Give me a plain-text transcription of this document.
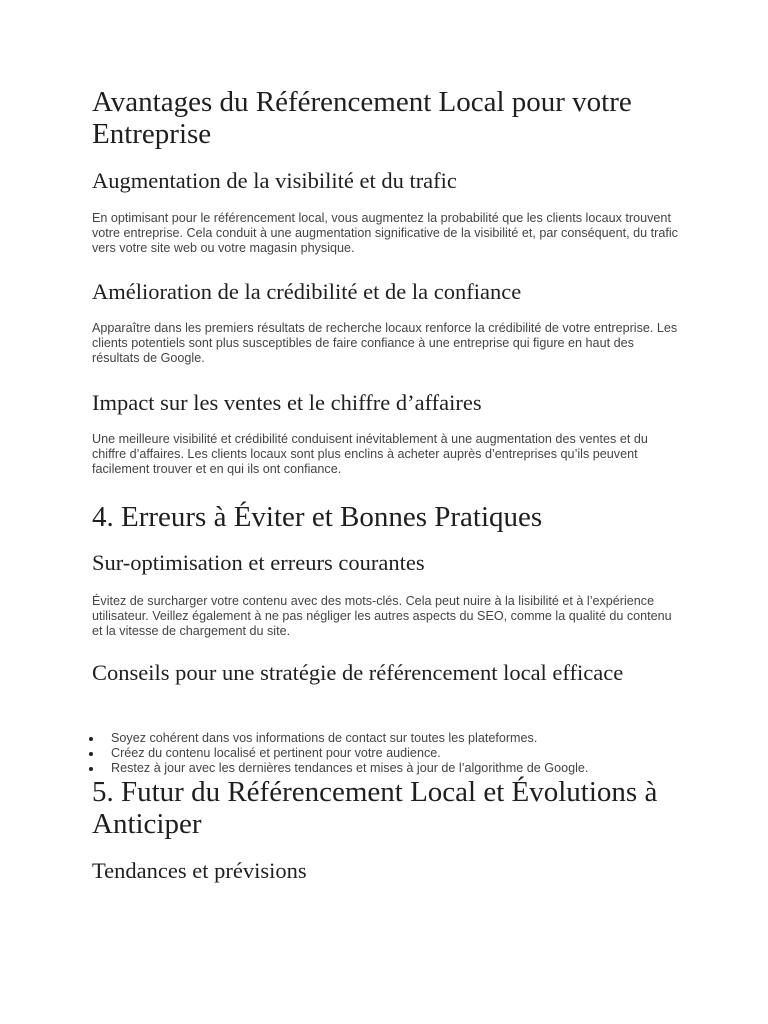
Avantages du Référencement Local pour votre Entreprise
Augmentation de la visibilité et du trafic
En optimisant pour le référencement local, vous augmentez la probabilité que les clients locaux trouvent votre entreprise. Cela conduit à une augmentation significative de la visibilité et, par conséquent, du trafic vers votre site web ou votre magasin physique.
Amélioration de la crédibilité et de la confiance
Apparaître dans les premiers résultats de recherche locaux renforce la crédibilité de votre entreprise. Les clients potentiels sont plus susceptibles de faire confiance à une entreprise qui figure en haut des résultats de Google.
Impact sur les ventes et le chiffre d’affaires
Une meilleure visibilité et crédibilité conduisent inévitablement à une augmentation des ventes et du chiffre d’affaires. Les clients locaux sont plus enclins à acheter auprès d’entreprises qu’ils peuvent facilement trouver et en qui ils ont confiance.
4. Erreurs à Éviter et Bonnes Pratiques
Sur-optimisation et erreurs courantes
Évitez de surcharger votre contenu avec des mots-clés. Cela peut nuire à la lisibilité et à l’expérience utilisateur. Veillez également à ne pas négliger les autres aspects du SEO, comme la qualité du contenu et la vitesse de chargement du site.
Conseils pour une stratégie de référencement local efficace
Soyez cohérent dans vos informations de contact sur toutes les plateformes.
Créez du contenu localisé et pertinent pour votre audience.
Restez à jour avec les dernières tendances et mises à jour de l’algorithme de Google.
5. Futur du Référencement Local et Évolutions à Anticiper
Tendances et prévisions
